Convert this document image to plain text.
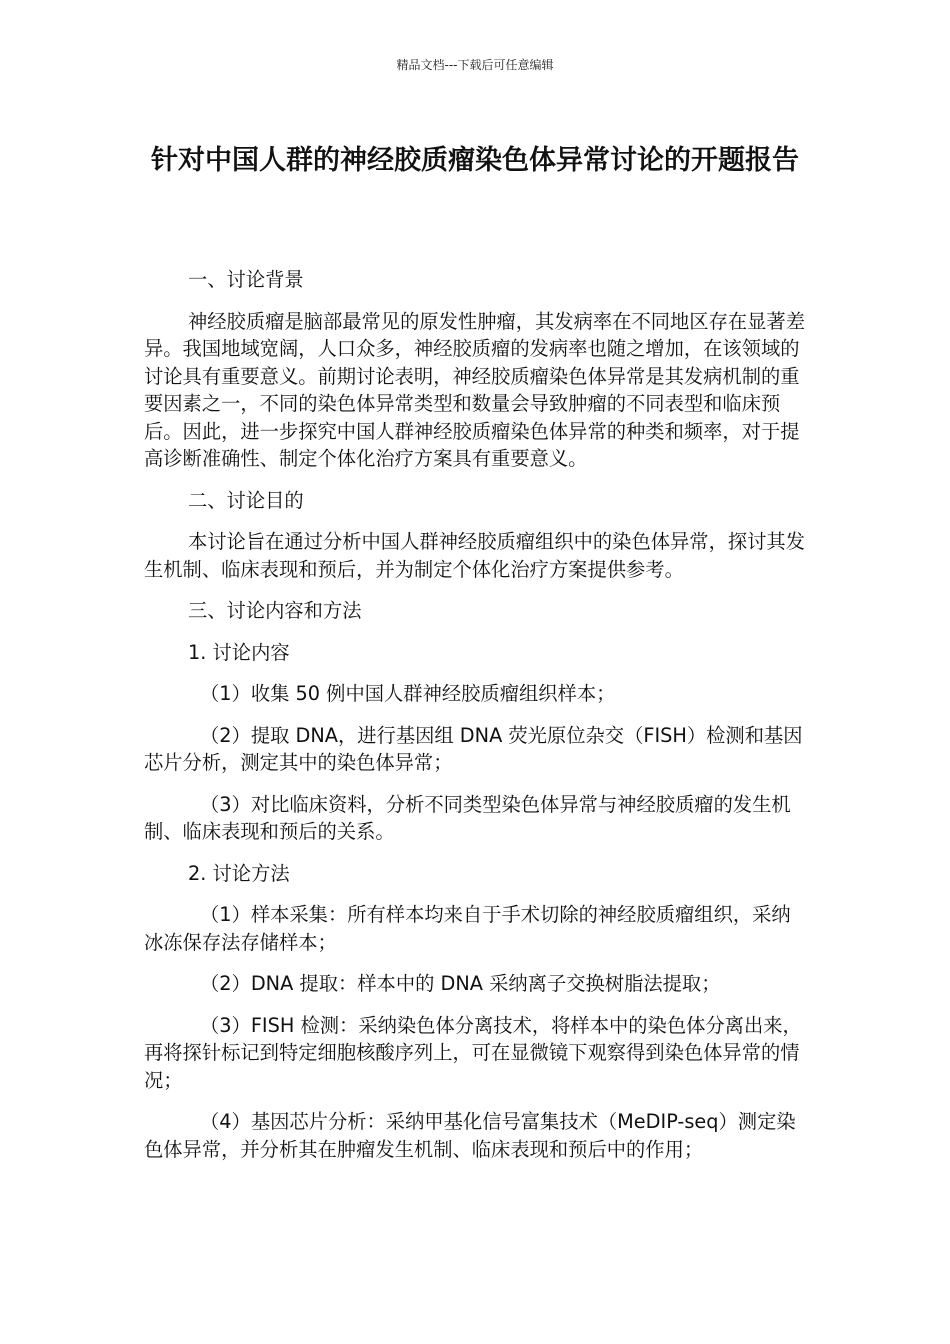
精品文档---下载后可任意编辑
针对中国人群的神经胶质瘤染色体异常讨论的开题报告

一、讨论背景

神经胶质瘤是脑部最常见的原发性肿瘤，其发病率在不同地区存在显著差异。我国地域宽阔，人口众多，神经胶质瘤的发病率也随之增加，在该领域的讨论具有重要意义。前期讨论表明，神经胶质瘤染色体异常是其发病机制的重要因素之一，不同的染色体异常类型和数量会导致肿瘤的不同表型和临床预后。因此，进一步探究中国人群神经胶质瘤染色体异常的种类和频率，对于提高诊断准确性、制定个体化治疗方案具有重要意义。

二、讨论目的

本讨论旨在通过分析中国人群神经胶质瘤组织中的染色体异常，探讨其发生机制、临床表现和预后，并为制定个体化治疗方案提供参考。

三、讨论内容和方法

1. 讨论内容

（1）收集 50 例中国人群神经胶质瘤组织样本；

（2）提取 DNA，进行基因组 DNA 荧光原位杂交（FISH）检测和基因芯片分析，测定其中的染色体异常；

（3）对比临床资料，分析不同类型染色体异常与神经胶质瘤的发生机制、临床表现和预后的关系。

2. 讨论方法

（1）样本采集：所有样本均来自于手术切除的神经胶质瘤组织，采纳冰冻保存法存储样本；

（2）DNA 提取：样本中的 DNA 采纳离子交换树脂法提取；

（3）FISH 检测：采纳染色体分离技术，将样本中的染色体分离出来，再将探针标记到特定细胞核酸序列上，可在显微镜下观察得到染色体异常的情况；

（4）基因芯片分析：采纳甲基化信号富集技术（MeDIP-seq）测定染色体异常，并分析其在肿瘤发生机制、临床表现和预后中的作用；
